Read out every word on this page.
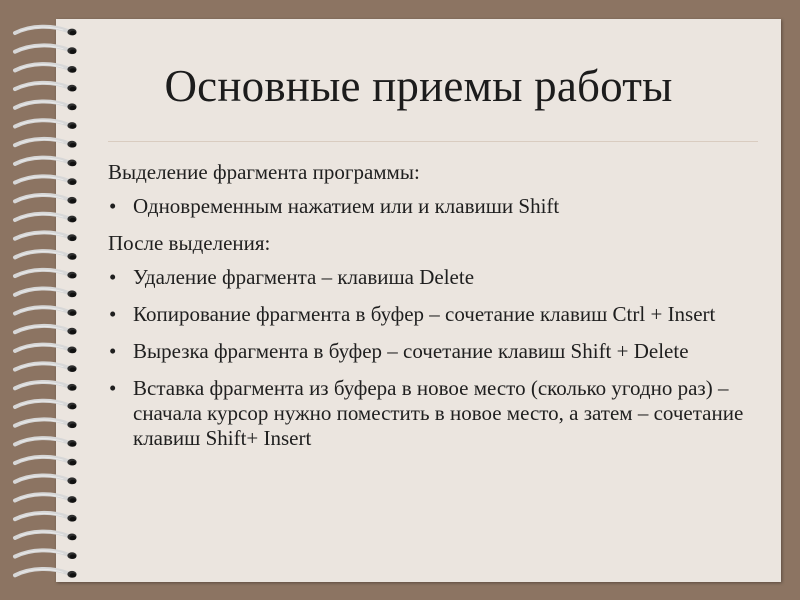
Основные приемы работы
Выделение фрагмента программы:
• Одновременным нажатием или и клавиши Shift
После выделения:
• Удаление фрагмента – клавиша Delete
• Копирование фрагмента в буфер – сочетание клавиш Ctrl + Insert
• Вырезка фрагмента в буфер – сочетание клавиш Shift + Delete
• Вставка фрагмента из буфера в новое место (сколько угодно раз) – сначала курсор нужно поместить в новое место, а затем – сочетание клавиш Shift+ Insert
